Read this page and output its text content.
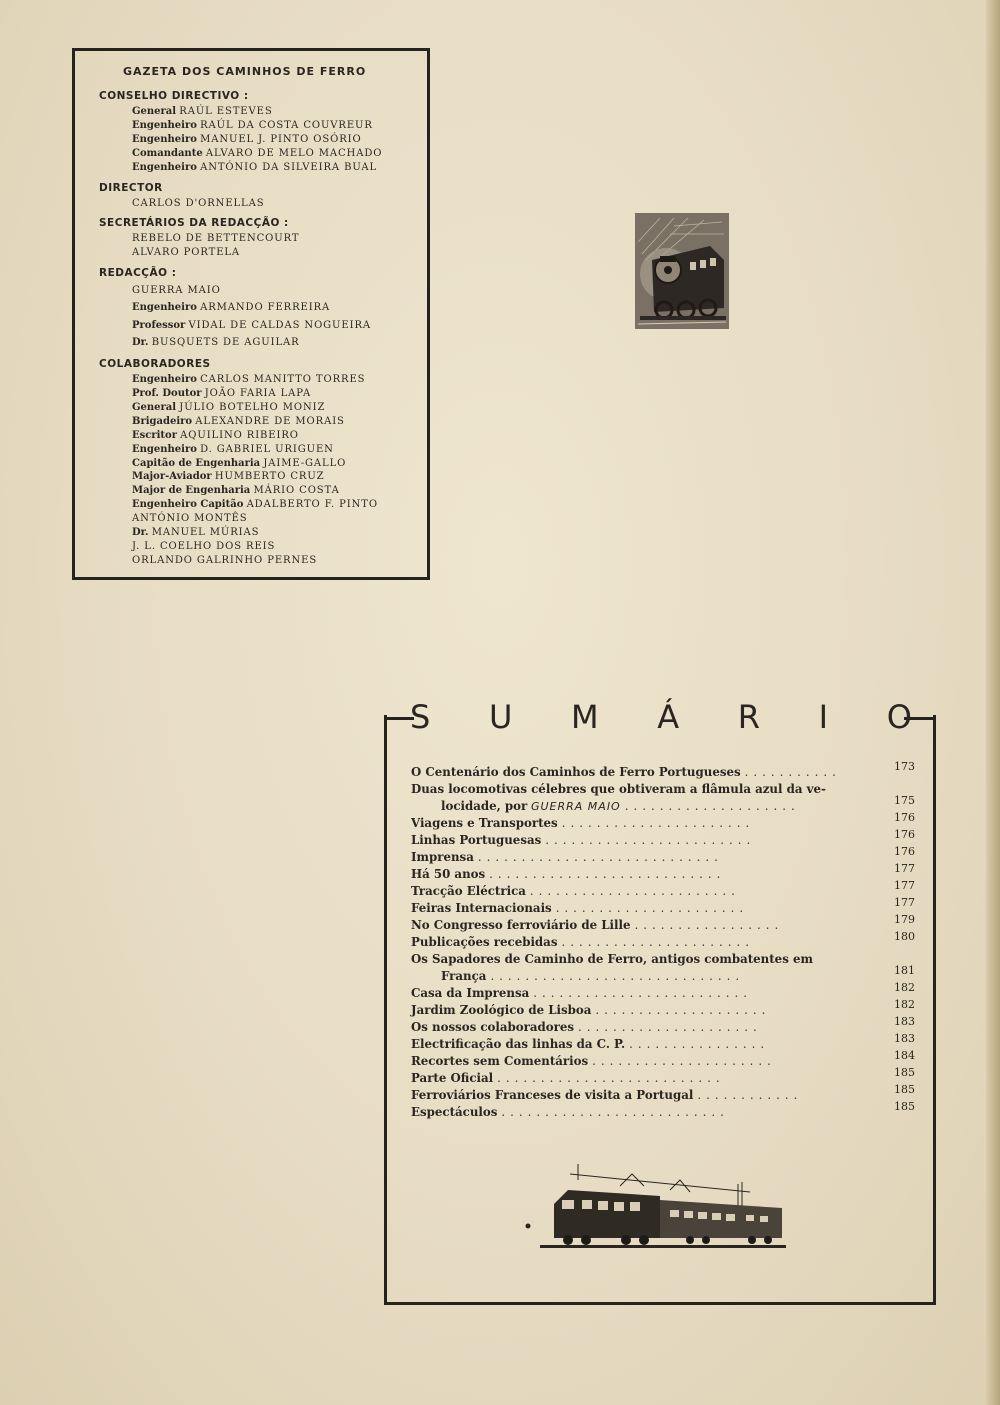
GAZETA DOS CAMINHOS DE FERRO
CONSELHO DIRECTIVO :
General RAÚL ESTEVES
Engenheiro RAÚL DA COSTA COUVREUR
Engenheiro MANUEL J. PINTO OSÓRIO
Comandante ALVARO DE MELO MACHADO
Engenheiro ANTÓNIO DA SILVEIRA BUAL
DIRECTOR
CARLOS D'ORNELLAS
SECRETÁRIOS DA REDACÇÃO :
REBELO DE BETTENCOURT
ALVARO PORTELA
REDACÇÃO :
GUERRA MAIO
Engenheiro ARMANDO FERREIRA
Professor VIDAL DE CALDAS NOGUEIRA
Dr. BUSQUETS DE AGUILAR
COLABORADORES
Engenheiro CARLOS MANITTO TORRES
Prof. Doutor JOÃO FARIA LAPA
General JÚLIO BOTELHO MONIZ
Brigadeiro ALEXANDRE DE MORAIS
Escritor AQUILINO RIBEIRO
Engenheiro D. GABRIEL URIGUEN
Capitão de Engenharia JAIME-GALLO
Major-Aviador HUMBERTO CRUZ
Major de Engenharia MÁRIO COSTA
Engenheiro Capitão ADALBERTO F. PINTO
ANTÓNIO MONTÊS
Dr. MANUEL MÚRIAS
J. L. COELHO DOS REIS
ORLANDO GALRINHO PERNES
S U M Á R I O
O Centenário dos Caminhos de Ferro Portugueses ...........	173
Duas locomotivas célebres que obtiveram a flâmula azul da ve-
locidade, por GUERRA MAIO ....................	175
Viagens e Transportes ......................	176
Linhas Portuguesas ........................	176
Imprensa ............................	176
Há 50 anos ...........................	177
Tracção Eléctrica ........................	177
Feiras Internacionais ......................	177
No Congresso ferroviário de Lille .................	179
Publicações recebidas ......................	180
Os Sapadores de Caminho de Ferro, antigos combatentes em
França .............................	181
Casa da Imprensa .........................	182
Jardim Zoológico de Lisboa ....................	182
Os nossos colaboradores .....................	183
Electrificação das linhas da C. P. ................	183
Recortes sem Comentários .....................	184
Parte Oficial ..........................	185
Ferroviários Franceses de visita a Portugal ............	185
Espectáculos ..........................	185
